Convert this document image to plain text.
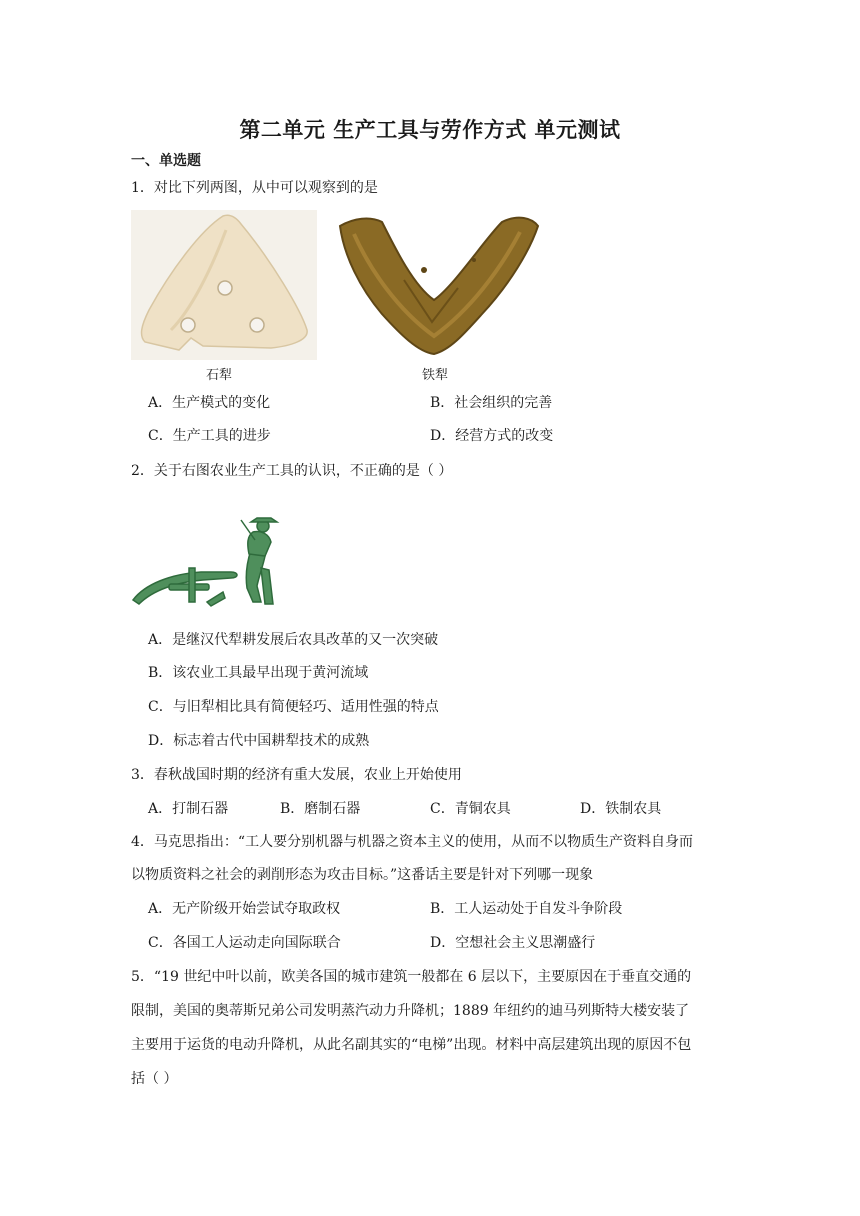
第二单元 生产工具与劳作方式 单元测试
一、单选题
1．对比下列两图，从中可以观察到的是
石犁	铁犁
A．生产模式的变化	B．社会组织的完善
C．生产工具的进步	D．经营方式的改变
2．关于右图农业生产工具的认识，不正确的是（ ）
A．是继汉代犁耕发展后农具改革的又一次突破
B．该农业工具最早出现于黄河流域
C．与旧犁相比具有简便轻巧、适用性强的特点
D．标志着古代中国耕犁技术的成熟
3．春秋战国时期的经济有重大发展，农业上开始使用
A．打制石器	B．磨制石器	C．青铜农具	D．铁制农具
4．马克思指出：“工人要分别机器与机器之资本主义的使用，从而不以物质生产资料自身而
以物质资料之社会的剥削形态为攻击目标。”这番话主要是针对下列哪一现象
A．无产阶级开始尝试夺取政权	B．工人运动处于自发斗争阶段
C．各国工人运动走向国际联合	D．空想社会主义思潮盛行
5．“19 世纪中叶以前，欧美各国的城市建筑一般都在 6 层以下，主要原因在于垂直交通的
限制，美国的奥蒂斯兄弟公司发明蒸汽动力升降机；1889 年纽约的迪马列斯特大楼安装了
主要用于运货的电动升降机，从此名副其实的“电梯”出现。材料中高层建筑出现的原因不包
括（ ）
